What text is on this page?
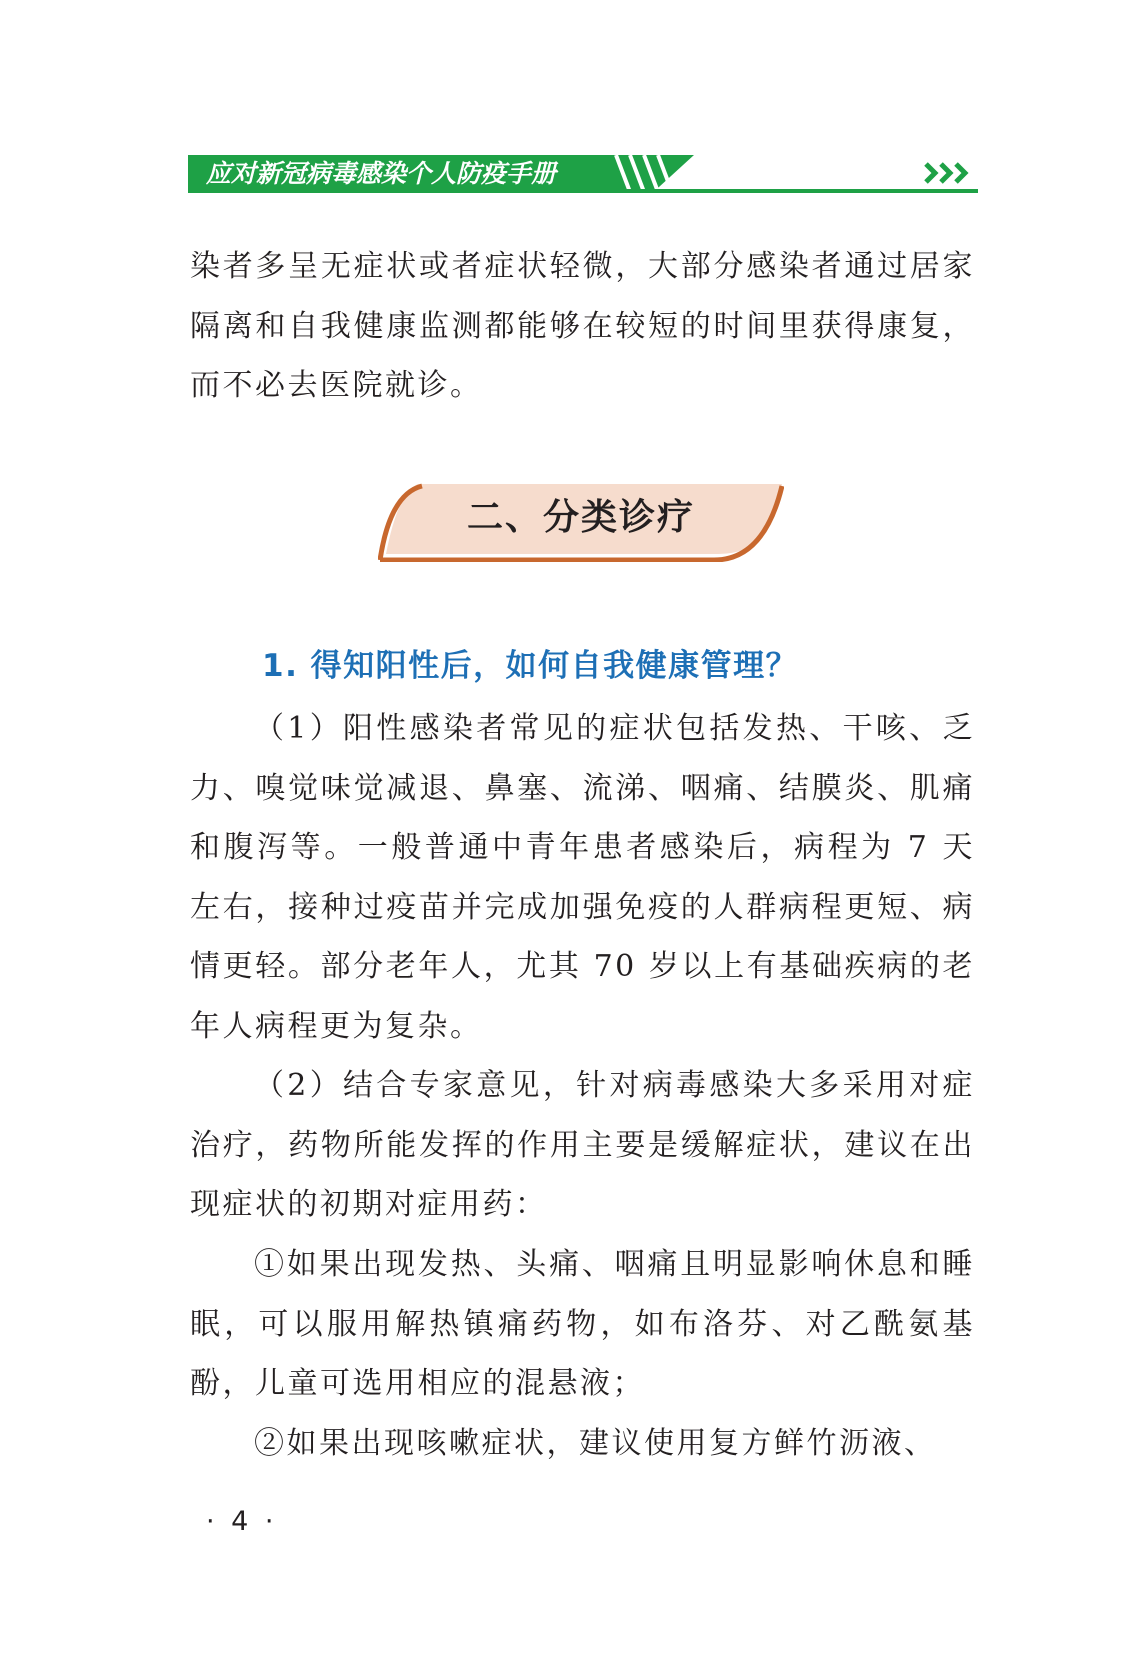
应对新冠病毒感染个人防疫手册

染者多呈无症状或者症状轻微，大部分感染者通过居家隔离和自我健康监测都能够在较短的时间里获得康复，而不必去医院就诊。

二、分类诊疗

1. 得知阳性后，如何自我健康管理？

（1）阳性感染者常见的症状包括发热、干咳、乏力、嗅觉味觉减退、鼻塞、流涕、咽痛、结膜炎、肌痛和腹泻等。一般普通中青年患者感染后，病程为 7 天左右，接种过疫苗并完成加强免疫的人群病程更短、病情更轻。部分老年人，尤其 70 岁以上有基础疾病的老年人病程更为复杂。

（2）结合专家意见，针对病毒感染大多采用对症治疗，药物所能发挥的作用主要是缓解症状，建议在出现症状的初期对症用药：

①如果出现发热、头痛、咽痛且明显影响休息和睡眠，可以服用解热镇痛药物，如布洛芬、对乙酰氨基酚，儿童可选用相应的混悬液；

②如果出现咳嗽症状，建议使用复方鲜竹沥液、

· 4 ·
